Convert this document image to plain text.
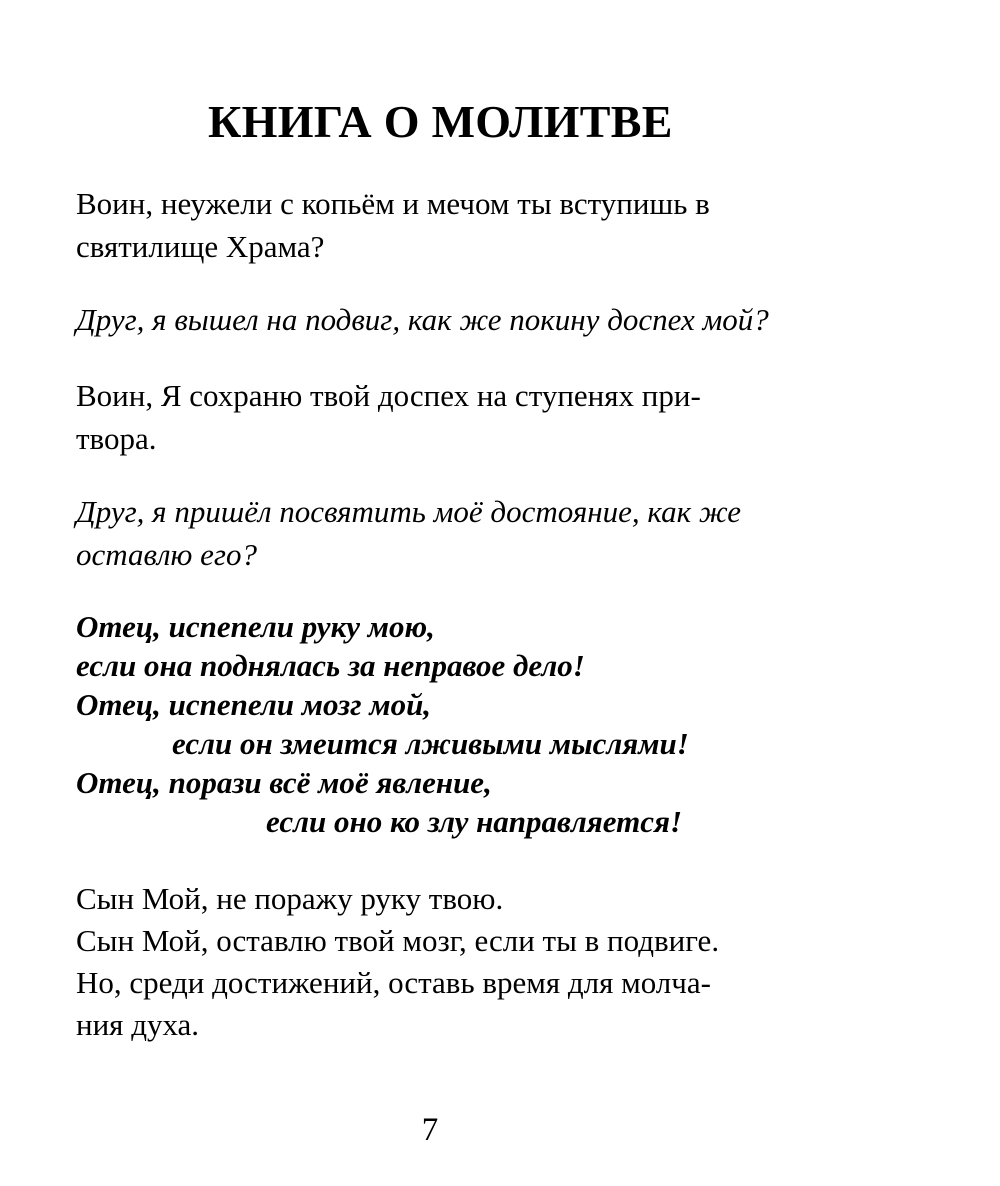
КНИГА О МОЛИТВЕ

Воин, неужели с копьём и мечом ты вступишь в
святилище Храма?

Друг, я вышел на подвиг, как же покину доспех мой?

Воин, Я сохраню твой доспех на ступенях при-
твора.

Друг, я пришёл посвятить моё достояние, как же
оставлю его?

Отец, испепели руку мою,
если она поднялась за неправое дело!
Отец, испепели мозг мой,
если он змеится лживыми мыслями!
Отец, порази всё моё явление,
если оно ко злу направляется!

Сын Мой, не поражу руку твою.
Сын Мой, оставлю твой мозг, если ты в подвиге.
Но, среди достижений, оставь время для молча-
ния духа.

7
